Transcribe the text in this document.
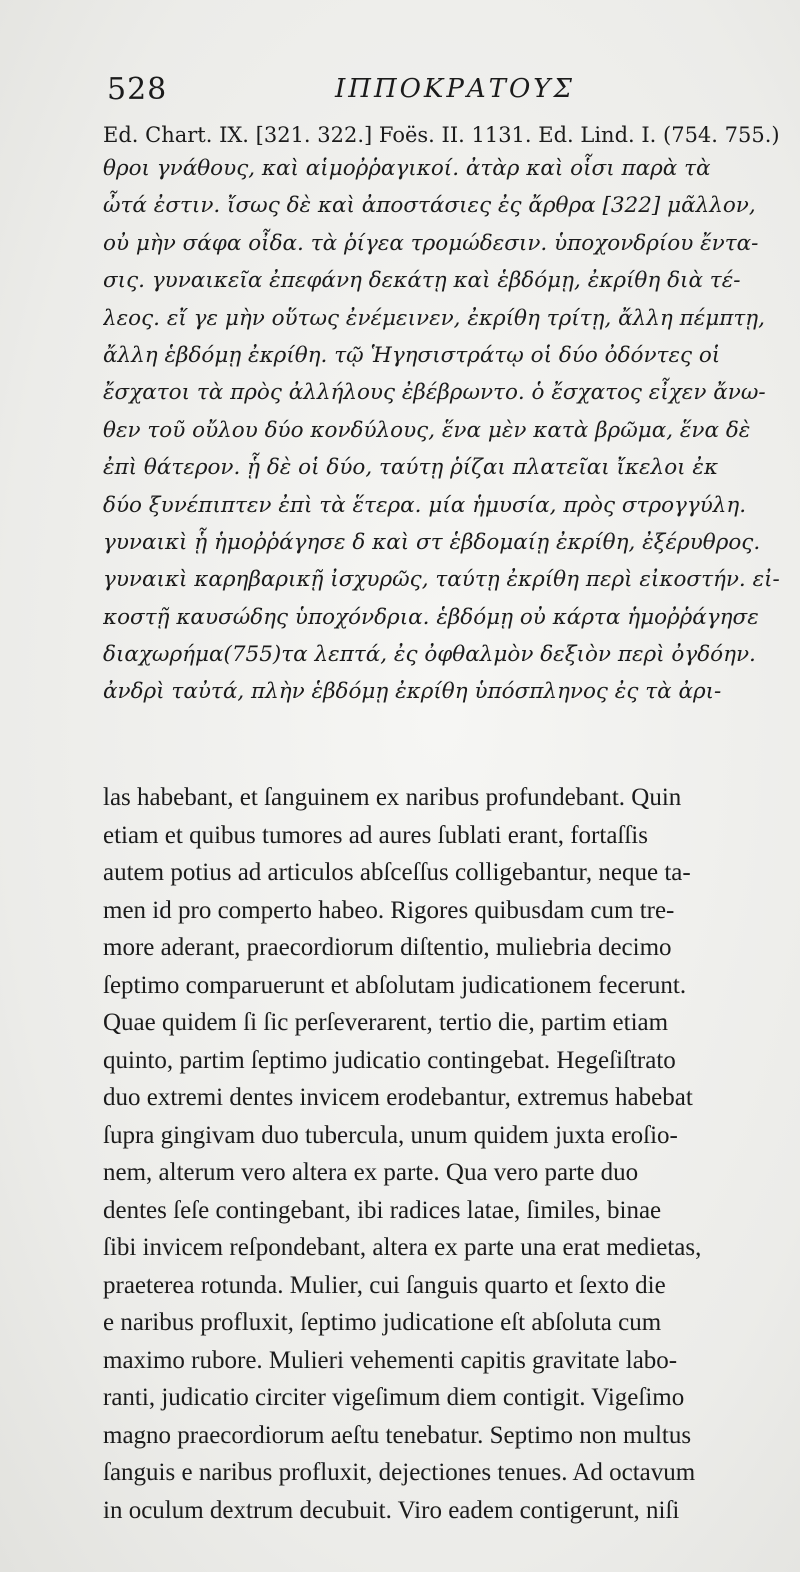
528	ΙΠΠΟΚΡΑΤΟΥΣ
Ed. Chart. IX. [321. 322.] Foës. II. 1131. Ed. Lind. I. (754. 755.)
θροι γνάθους, καὶ αἱμοῤῥαγικοί. ἀτὰρ καὶ οἷσι παρὰ τὰ
ὦτά ἐστιν. ἴσως δὲ καὶ ἀποστάσιες ἐς ἄρθρα [322] μᾶλλον,
οὐ μὴν σάφα οἶδα. τὰ ῥίγεα τρομώδεσιν. ὑποχονδρίου ἔντα-
σις. γυναικεῖα ἐπεφάνη δεκάτῃ καὶ ἑβδόμῃ, ἐκρίθη διὰ τέ-
λεος. εἴ γε μὴν οὕτως ἐνέμεινεν, ἐκρίθη τρίτῃ, ἄλλη πέμπτῃ,
ἄλλη ἑβδόμῃ ἐκρίθη. τῷ Ἡγησιστράτῳ οἱ δύο ὀδόντες οἱ
ἔσχατοι τὰ πρὸς ἀλλήλους ἐβέβρωντο. ὁ ἔσχατος εἶχεν ἄνω-
θεν τοῦ οὔλου δύο κονδύλους, ἕνα μὲν κατὰ βρῶμα, ἕνα δὲ
ἐπὶ θάτερον. ᾗ δὲ οἱ δύο, ταύτῃ ῥίζαι πλατεῖαι ἴκελοι ἐκ
δύο ξυνέπιπτεν ἐπὶ τὰ ἕτερα. μία ἡμυσία, πρὸς στρογγύλη.
γυναικὶ ᾗ ἡμοῤῥάγησε δ καὶ στ ἑβδομαίῃ ἐκρίθη, ἐξέρυθρος.
γυναικὶ καρηβαρικῇ ἰσχυρῶς, ταύτῃ ἐκρίθη περὶ εἰκοστήν. εἰ-
κοστῇ καυσώδης ὑποχόνδρια. ἑβδόμῃ οὐ κάρτα ἡμοῤῥάγησε
διαχωρήμα(755)τα λεπτά, ἐς ὀφθαλμὸν δεξιὸν περὶ ὀγδόην.
ἀνδρὶ ταὐτά, πλὴν ἑβδόμῃ ἐκρίθη ὑπόσπληνος ἐς τὰ ἀρι-
las habebant, et ſanguinem ex naribus profundebant. Quin
etiam et quibus tumores ad aures ſublati erant, fortaſſis
autem potius ad articulos abſceſſus colligebantur, neque ta-
men id pro comperto habeo. Rigores quibusdam cum tre-
more aderant, praecordiorum diſtentio, muliebria decimo
ſeptimo comparuerunt et abſolutam judicationem fecerunt.
Quae quidem ſi ſic perſeverarent, tertio die, partim etiam
quinto, partim ſeptimo judicatio contingebat. Hegeſiſtrato
duo extremi dentes invicem erodebantur, extremus habebat
ſupra gingivam duo tubercula, unum quidem juxta eroſio-
nem, alterum vero altera ex parte. Qua vero parte duo
dentes ſeſe contingebant, ibi radices latae, ſimiles, binae
ſibi invicem reſpondebant, altera ex parte una erat medietas,
praeterea rotunda. Mulier, cui ſanguis quarto et ſexto die
e naribus profluxit, ſeptimo judicatione eſt abſoluta cum
maximo rubore. Mulieri vehementi capitis gravitate labo-
ranti, judicatio circiter vigeſimum diem contigit. Vigeſimo
magno praecordiorum aeſtu tenebatur. Septimo non multus
ſanguis e naribus profluxit, dejectiones tenues. Ad octavum
in oculum dextrum decubuit. Viro eadem contigerunt, niſi
